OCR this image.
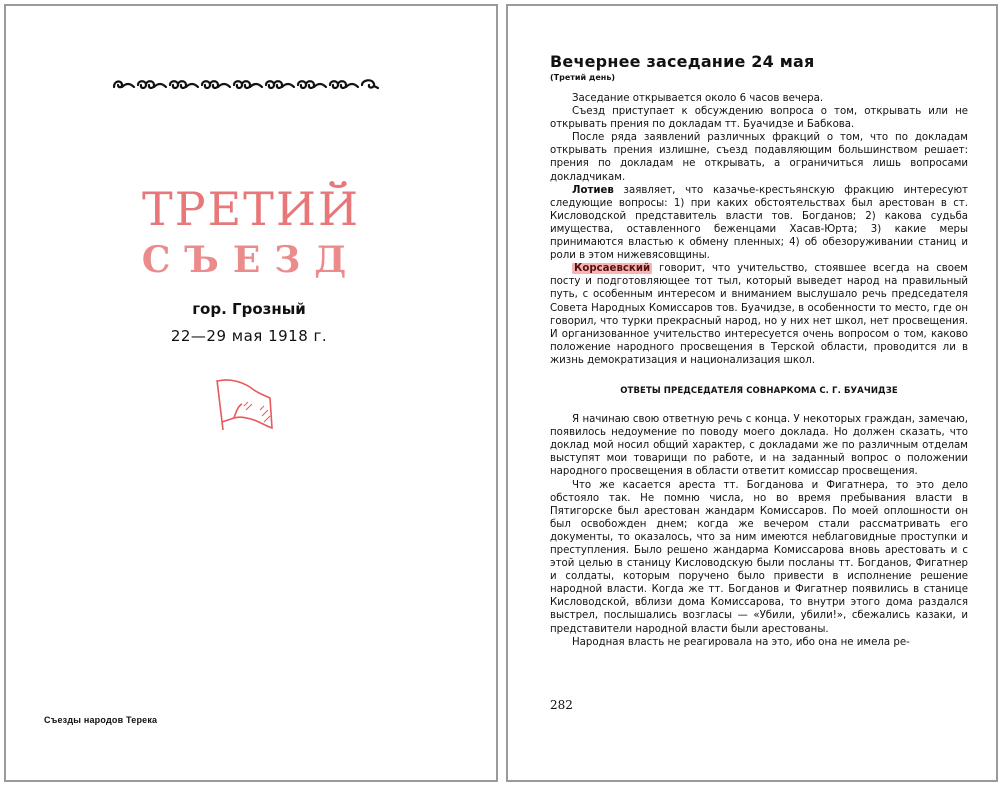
ТРЕТИЙ
СЪЕЗД
гор. Грозный
22—29 мая 1918 г.
Съезды народов Терека
Вечернее заседание 24 мая
(Третий день)

Заседание открывается около 6 часов вечера.

Съезд приступает к обсуждению вопроса о том, открывать или не открывать прения по докладам тт. Буачидзе и Бабкова.

После ряда заявлений различных фракций о том, что по докладам открывать прения излишне, съезд подавляющим большинством решает: прения по докладам не открывать, а ограничиться лишь вопросами докладчикам.

Лотиев заявляет, что казачье-крестьянскую фракцию интересуют следующие вопросы: 1) при каких обстоятельствах был арестован в ст. Кисловодской представитель власти тов. Богданов; 2) какова судьба имущества, оставленного беженцами Хасав-Юрта; 3) какие меры принимаются властью к обмену пленных; 4) об обезоруживании станиц и роли в этом нижевясовщины.

Корсаевский говорит, что учительство, стоявшее всегда на своем посту и подготовляющее тот тыл, который выведет народ на правильный путь, с особенным интересом и вниманием выслушало речь председателя Совета Народных Комиссаров тов. Буачидзе, в особенности то место, где он говорил, что турки прекрасный народ, но у них нет школ, нет просвещения. И организованное учительство интересуется очень вопросом о том, каково положение народного просвещения в Терской области, проводится ли в жизнь демократизация и национализация школ.

ОТВЕТЫ ПРЕДСЕДАТЕЛЯ СОВНАРКОМА С. Г. БУАЧИДЗЕ

Я начинаю свою ответную речь с конца. У некоторых граждан, замечаю, появилось недоумение по поводу моего доклада. Но должен сказать, что доклад мой носил общий характер, с докладами же по различным отделам выступят мои товарищи по работе, и на заданный вопрос о положении народного просвещения в области ответит комиссар просвещения.

Что же касается ареста тт. Богданова и Фигатнера, то это дело обстояло так. Не помню числа, но во время пребывания власти в Пятигорске был арестован жандарм Комиссаров. По моей оплошности он был освобожден днем; когда же вечером стали рассматривать его документы, то оказалось, что за ним имеются неблаговидные проступки и преступления. Было решено жандарма Комиссарова вновь арестовать и с этой целью в станицу Кисловодскую были посланы тт. Богданов, Фигатнер и солдаты, которым поручено было привести в исполнение решение народной власти. Когда же тт. Богданов и Фигатнер появились в станице Кисловодской, вблизи дома Комиссарова, то внутри этого дома раздался выстрел, послышались возгласы — «Убили, убили!», сбежались казаки, и представители народной власти были арестованы.

Народная власть не реагировала на это, ибо она не имела ре-

282
